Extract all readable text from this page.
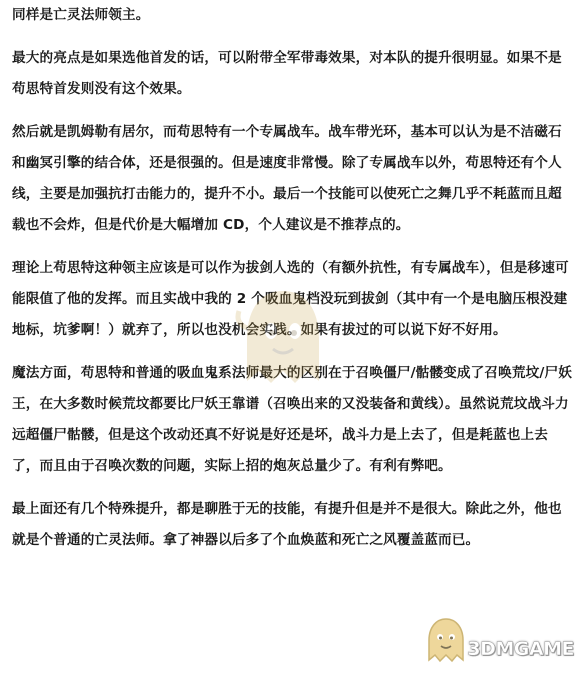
同样是亡灵法师领主。

最大的亮点是如果选他首发的话，可以附带全军带毒效果，对本队的提升很明显。如果不是苟思特首发则没有这个效果。

然后就是凯姆勒有居尔，而苟思特有一个专属战车。战车带光环，基本可以认为是不洁磁石和幽冥引擎的结合体，还是很强的。但是速度非常慢。除了专属战车以外，苟思特还有个人线，主要是加强抗打击能力的，提升不小。最后一个技能可以使死亡之舞几乎不耗蓝而且超载也不会炸，但是代价是大幅增加 CD，个人建议是不推荐点的。

理论上苟思特这种领主应该是可以作为拔剑人选的（有额外抗性，有专属战车），但是移速可能限值了他的发挥。而且实战中我的 2 个吸血鬼档没玩到拔剑（其中有一个是电脑压根没建地标，坑爹啊！）就弃了，所以也没机会实践。如果有拔过的可以说下好不好用。

魔法方面，苟思特和普通的吸血鬼系法师最大的区别在于召唤僵尸/骷髅变成了召唤荒坟/尸妖王，在大多数时候荒坟都要比尸妖王靠谱（召唤出来的又没装备和黄线）。虽然说荒坟战斗力远超僵尸骷髅，但是这个改动还真不好说是好还是坏，战斗力是上去了，但是耗蓝也上去了，而且由于召唤次数的问题，实际上招的炮灰总量少了。有利有弊吧。

最上面还有几个特殊提升，都是聊胜于无的技能，有提升但是并不是很大。除此之外，他也就是个普通的亡灵法师。拿了神器以后多了个血焕蓝和死亡之风覆盖蓝而已。

3DMGAME
